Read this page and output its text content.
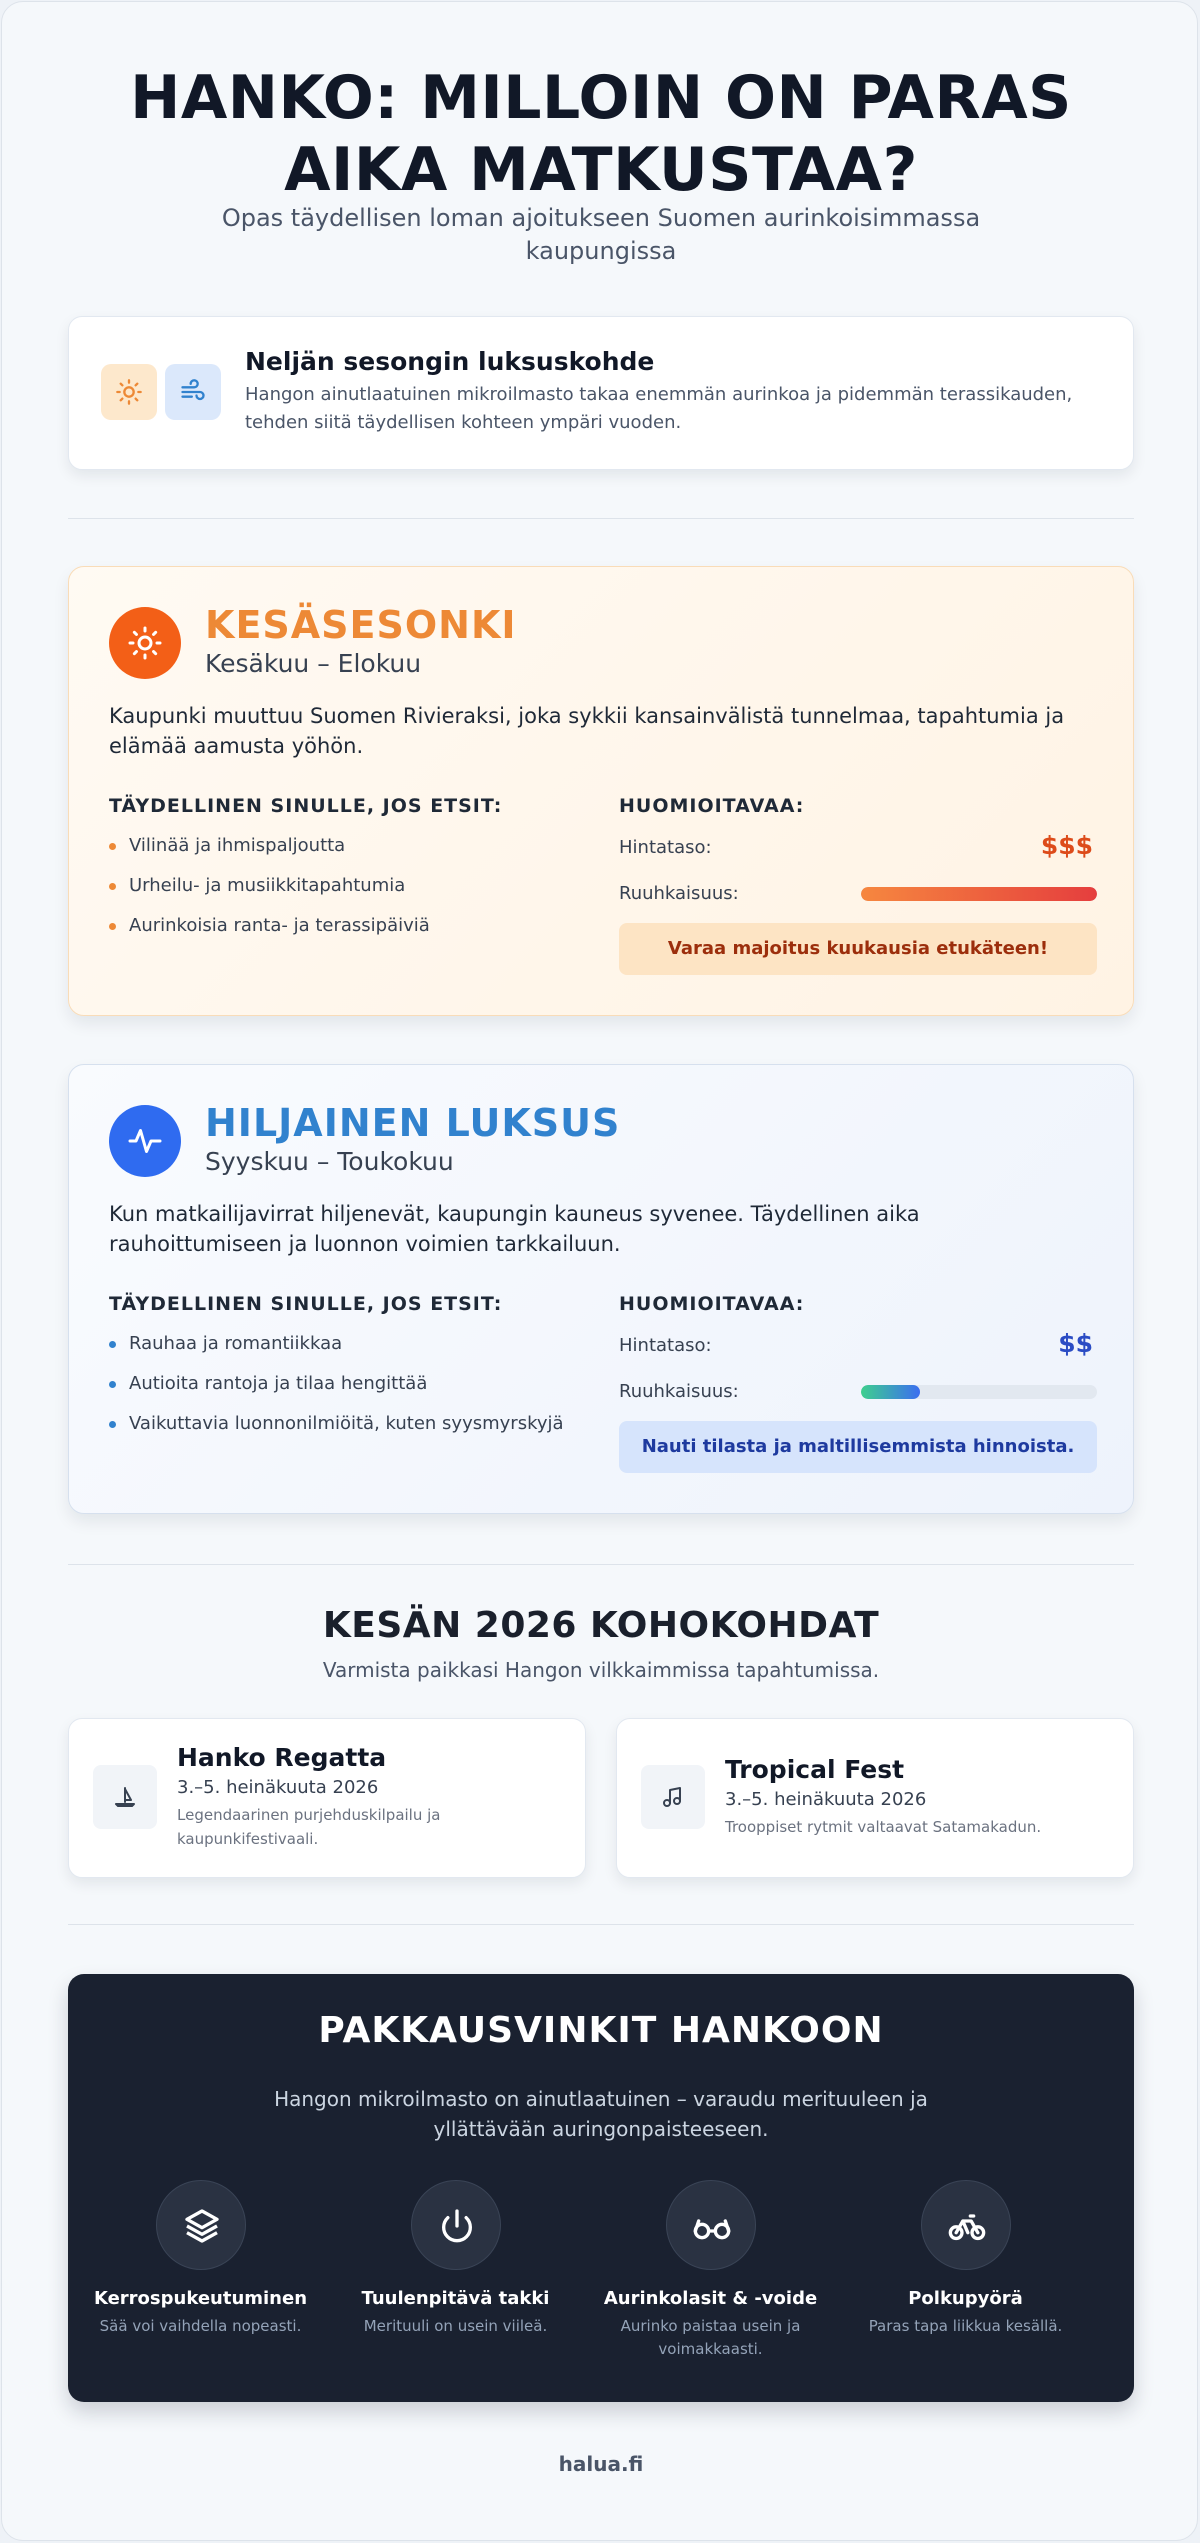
HANKO: MILLOIN ON PARAS
AIKA MATKUSTAA?

Opas täydellisen loman ajoitukseen Suomen aurinkoisimmassa kaupungissa

Neljän sesongin luksuskohde

Hangon ainutlaatuinen mikroilmasto takaa enemmän aurinkoa ja pidemmän terassikauden, tehden siitä täydellisen kohteen ympäri vuoden.

KESÄSESONKI
Kesäkuu – Elokuu

Kaupunki muuttuu Suomen Rivieraksi, joka sykkii kansainvälistä tunnelmaa, tapahtumia ja elämää aamusta yöhön.

TÄYDELLINEN SINULLE, JOS ETSIT:
Vilinää ja ihmispaljoutta
Urheilu- ja musiikkitapahtumia
Aurinkoisia ranta- ja terassipäiviä
HUOMIOITAVAA:
Hintataso:	$$$
Ruuhkaisuus:
Varaa majoitus kuukausia etukäteen!
HILJAINEN LUKSUS
Syyskuu – Toukokuu

Kun matkailijavirrat hiljenevät, kaupungin kauneus syvenee. Täydellinen aika rauhoittumiseen ja luonnon voimien tarkkailuun.

TÄYDELLINEN SINULLE, JOS ETSIT:
Rauhaa ja romantiikkaa
Autioita rantoja ja tilaa hengittää
Vaikuttavia luonnonilmiöitä, kuten syysmyrskyjä
HUOMIOITAVAA:
Hintataso:	$$
Ruuhkaisuus:
Nauti tilasta ja maltillisemmista hinnoista.
KESÄN 2026 KOHOKOHDAT

Varmista paikkasi Hangon vilkkaimmissa tapahtumissa.

Hanko Regatta
3.–5. heinäkuuta 2026
Legendaarinen purjehduskilpailu ja kaupunkifestivaali.
Tropical Fest
3.–5. heinäkuuta 2026
Trooppiset rytmit valtaavat Satamakadun.
PAKKAUSVINKIT HANKOON

Hangon mikroilmasto on ainutlaatuinen – varaudu merituuleen ja yllättävään auringonpaisteeseen.

Kerrospukeutuminen
Sää voi vaihdella nopeasti.
Tuulenpitävä takki
Merituuli on usein viileä.
Aurinkolasit & -voide
Aurinko paistaa usein ja voimakkaasti.
Polkupyörä
Paras tapa liikkua kesällä.
halua.fi
